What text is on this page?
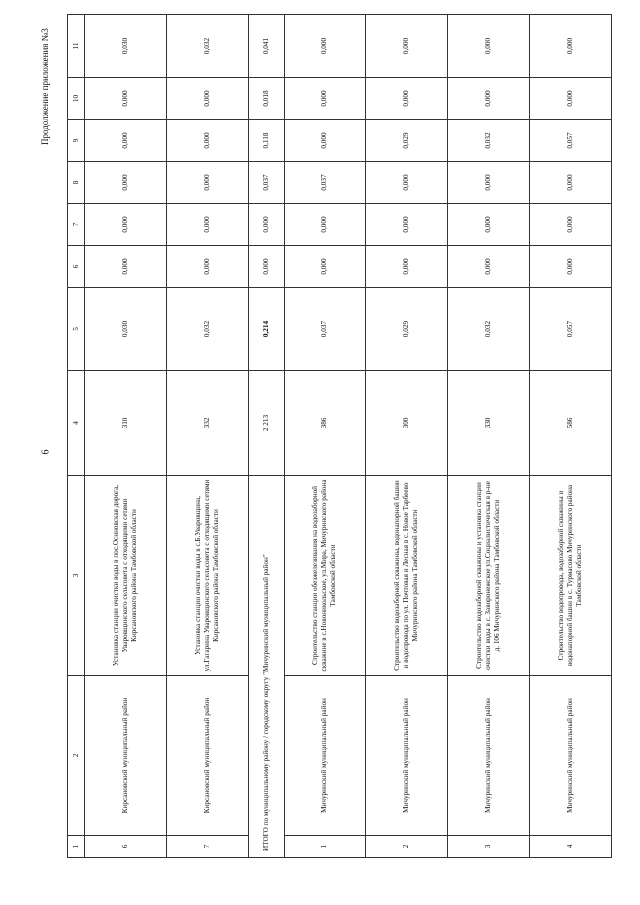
6
Продолжение приложения №3
1	2	3	4	5	6	7	8	9	10	11
6	Кирсановский муниципальный район	Установка станции очистки воды в пос.Осиновская дорога, Уваровщинского сельсовета с отходящими сетями Кирсановского района Тамбовской области	310	0,030	0,000	0,000	0,000	0,000	0,000	0,030
7	Кирсановский муниципальный район	Установка станции очистки воды в с.Б.Уваровщина, ул.Гагарина Уваровщинского сельсовета с отходящими сетями Кирсановского района Тамбовской области	332	0,032	0,000	0,000	0,000	0,000	0,000	0,032
ИТОГО по муниципальному району / городскому округу "Мичуринский муниципальный район"			2 213	0,214	0,000	0,000	0,037	0,118	0,018	0,041
1	Мичуринский муниципальный район	Строительство станции обезжелезивания на водозаборной скважине в с.Новоникольское, ул.Мира, Мичуринского района Тамбовской области	386	0,037	0,000	0,000	0,037	0,000	0,000	0,000
2	Мичуринский муниципальный район	Строительство водозаборной скважины, водонапорной башни и водопровода по ул. Почтовая и Лесная в с. Новое Тарбеево Мичуринского района Тамбовской области	300	0,029	0,000	0,000	0,000	0,029	0,000	0,000
3	Мичуринский муниципальный район	Строительство водозаборной скважины и установка станции очистки воды в с. Заворонежское ул.Социалистическая в р-не д. 106 Мичуринского района Тамбовской области	330	0,032	0,000	0,000	0,000	0,032	0,000	0,000
4	Мичуринский муниципальный район	Строительство водопровода, водозаборной скважины и водонапорной башни в с. Турмасово Мичуринского района Тамбовской области	586	0,057	0,000	0,000	0,000	0,057	0,000	0,000
